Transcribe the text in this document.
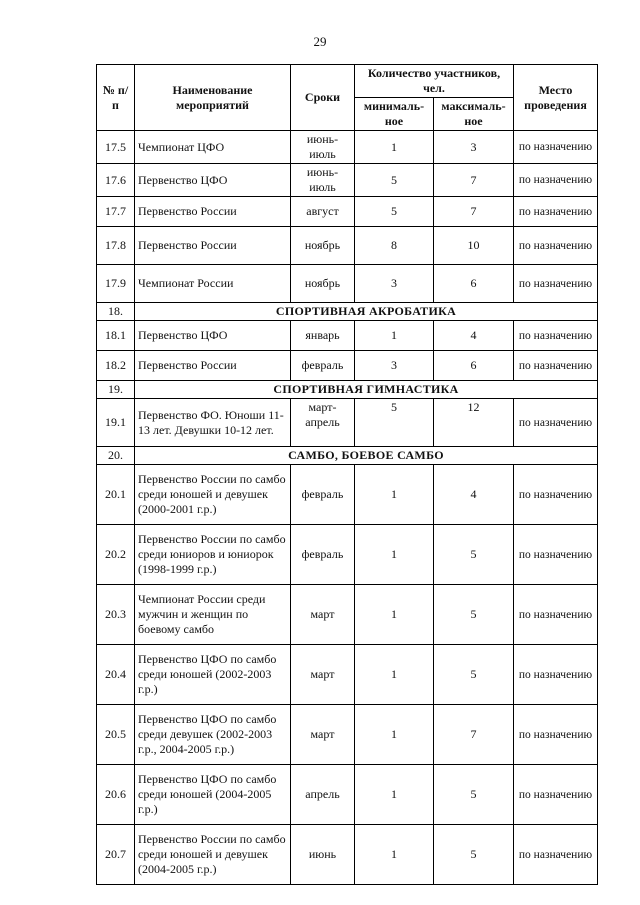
29
№ п/п	Наименование мероприятий	Сроки	Количество участников, чел.		Место проведения
			минималь-ное	максималь-ное	
17.5	Чемпионат ЦФО	июнь-июль	1	3	по назначению
17.6	Первенство ЦФО	июнь-июль	5	7	по назначению
17.7	Первенство России	август	5	7	по назначению
17.8	Первенство России	ноябрь	8	10	по назначению
17.9	Чемпионат России	ноябрь	3	6	по назначению
18.	СПОРТИВНАЯ АКРОБАТИКА				
18.1	Первенство ЦФО	январь	1	4	по назначению
18.2	Первенство России	февраль	3	6	по назначению
19.	СПОРТИВНАЯ ГИМНАСТИКА				
19.1	Первенство ФО. Юноши 11-13 лет. Девушки 10-12 лет.	март-апрель	5	12	по назначению
20.	САМБО, БОЕВОЕ САМБО				
20.1	Первенство России по самбо среди юношей и девушек (2000-2001 г.р.)	февраль	1	4	по назначению
20.2	Первенство России по самбо среди юниоров и юниорок (1998-1999 г.р.)	февраль	1	5	по назначению
20.3	Чемпионат России среди мужчин и женщин по боевому самбо	март	1	5	по назначению
20.4	Первенство ЦФО по самбо среди юношей (2002-2003 г.р.)	март	1	5	по назначению
20.5	Первенство ЦФО по самбо среди девушек (2002-2003 г.р., 2004-2005 г.р.)	март	1	7	по назначению
20.6	Первенство ЦФО по самбо среди юношей (2004-2005 г.р.)	апрель	1	5	по назначению
20.7	Первенство России по самбо среди юношей и девушек (2004-2005 г.р.)	июнь	1	5	по назначению
